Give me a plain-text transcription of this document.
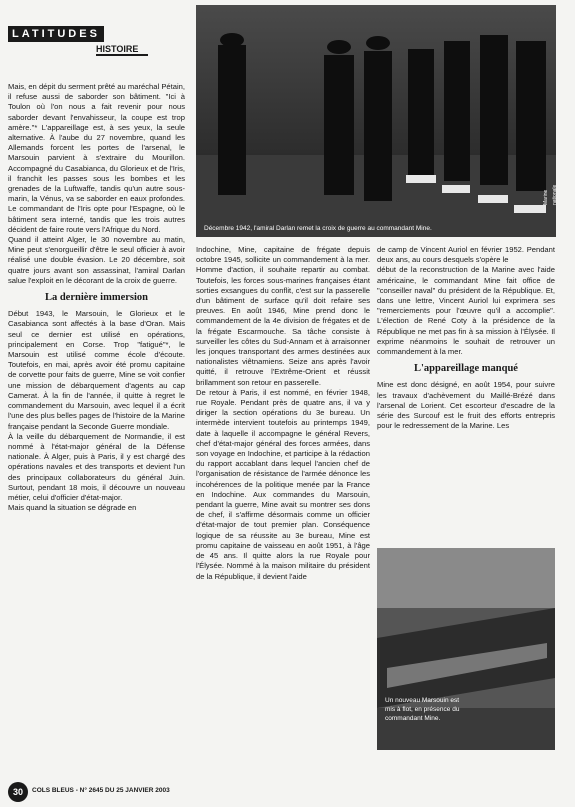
LATITUDES
HISTOIRE

Mais, en dépit du serment prêté au maréchal Pétain, il refuse aussi de saborder son bâtiment. "Ici à Toulon où l'on nous a fait revenir pour nous saborder devant l'envahisseur, la coupe est trop amère."* L'appareillage est, à ses yeux, la seule alternative. À l'aube du 27 novembre, quand les Allemands forcent les portes de l'arsenal, le Marsouin parvient à s'extraire du Mourillon. Accompagné du Casabianca, du Glorieux et de l'Iris, il franchit les passes sous les bombes et les grenades de la Luftwaffe, tandis qu'un autre sous-marin, la Vénus, va se saborder en eaux profondes. Le commandant de l'Iris opte pour l'Espagne, où le bâtiment sera interné, tandis que les trois autres décident de faire route vers l'Afrique du Nord.

Quand il atteint Alger, le 30 novembre au matin, Mine peut s'enorgueillir d'être le seul officier à avoir réalisé une double évasion. Le 20 décembre, soit quatre jours avant son assassinat, l'amiral Darlan salue l'exploit en le décorant de la croix de guerre.

La dernière immersion

Début 1943, le Marsouin, le Glorieux et le Casabianca sont affectés à la base d'Oran. Mais seul ce dernier est utilisé en opérations, principalement en Corse. Trop "fatigué"*, le Marsouin est utilisé comme école d'écoute. Toutefois, en mai, après avoir été promu capitaine de corvette pour faits de guerre, Mine se voit confier une mission de débarquement d'agents au cap Camerat. À la fin de l'année, il quitte à regret le commandement du Marsouin, avec lequel il a écrit l'une des plus belles pages de l'histoire de la Marine française pendant la Seconde Guerre mondiale.

À la veille du débarquement de Normandie, il est nommé à l'état-major général de la Défense nationale. À Alger, puis à Paris, il y est chargé des opérations navales et des transports et devient l'un des principaux collaborateurs du général Juin. Surtout, pendant 18 mois, il découvre un nouveau métier, celui d'officier d'état-major.

Mais quand la situation se dégrade en

Décembre 1942, l'amiral Darlan remet la croix de guerre au commandant Mine.
Marine nationale

Indochine, Mine, capitaine de frégate depuis octobre 1945, sollicite un commandement à la mer. Homme d'action, il souhaite repartir au combat. Toutefois, les forces sous-marines françaises étant sorties exsangues du conflit, c'est sur la passerelle d'un bâtiment de surface qu'il doit refaire ses preuves. En août 1946, Mine prend donc le commandement de la 4e division de frégates et de la frégate Escarmouche. Sa tâche consiste à surveiller les côtes du Sud-Annam et à arraisonner les jonques transportant des armes destinées aux nationalistes viêtnamiens. Seize ans après l'avoir quitté, il retrouve l'Extrême-Orient et réussit brillamment son retour en passerelle.

De retour à Paris, il est nommé, en février 1948, rue Royale. Pendant près de quatre ans, il va y diriger la section opérations du 3e bureau. Un intermède intervient toutefois au printemps 1949, date à laquelle il accompagne le général Revers, chef d'état-major général des forces armées, dans son voyage en Indochine, et participe à la rédaction du rapport accablant dans lequel l'ancien chef de l'organisation de résistance de l'armée dénonce les incohérences de la politique menée par la France en Indochine. Aux commandes du Marsouin, pendant la guerre, Mine avait su montrer ses dons de chef, il s'affirme désormais comme un officier d'état-major de tout premier plan. Conséquence logique de sa réussite au 3e bureau, Mine est promu capitaine de vaisseau en août 1951, à l'âge de 45 ans. Il quitte alors la rue Royale pour l'Élysée. Nommé à la maison militaire du président de la République, il devient l'aide

de camp de Vincent Auriol en février 1952. Pendant deux ans, au cours desquels s'opère le

début de la reconstruction de la Marine avec l'aide américaine, le commandant Mine fait office de "conseiller naval" du président de la République. Et, dans une lettre, Vincent Auriol lui exprimera ses "remerciements pour l'œuvre qu'il a accomplie". L'élection de René Coty à la présidence de la République ne met pas fin à sa mission à l'Élysée. Il exprime néanmoins le souhait de retrouver un commandement à la mer.

L'appareillage manqué

Mine est donc désigné, en août 1954, pour suivre les travaux d'achèvement du Maillé-Brézé dans l'arsenal de Lorient. Cet escorteur d'escadre de la série des Surcouf est le fruit des efforts entrepris pour le redressement de la Marine. Les

Un nouveau Marsouin est mis à flot, en présence du commandant Mine.
30	COLS BLEUS - N° 2645 DU 25 JANVIER 2003
